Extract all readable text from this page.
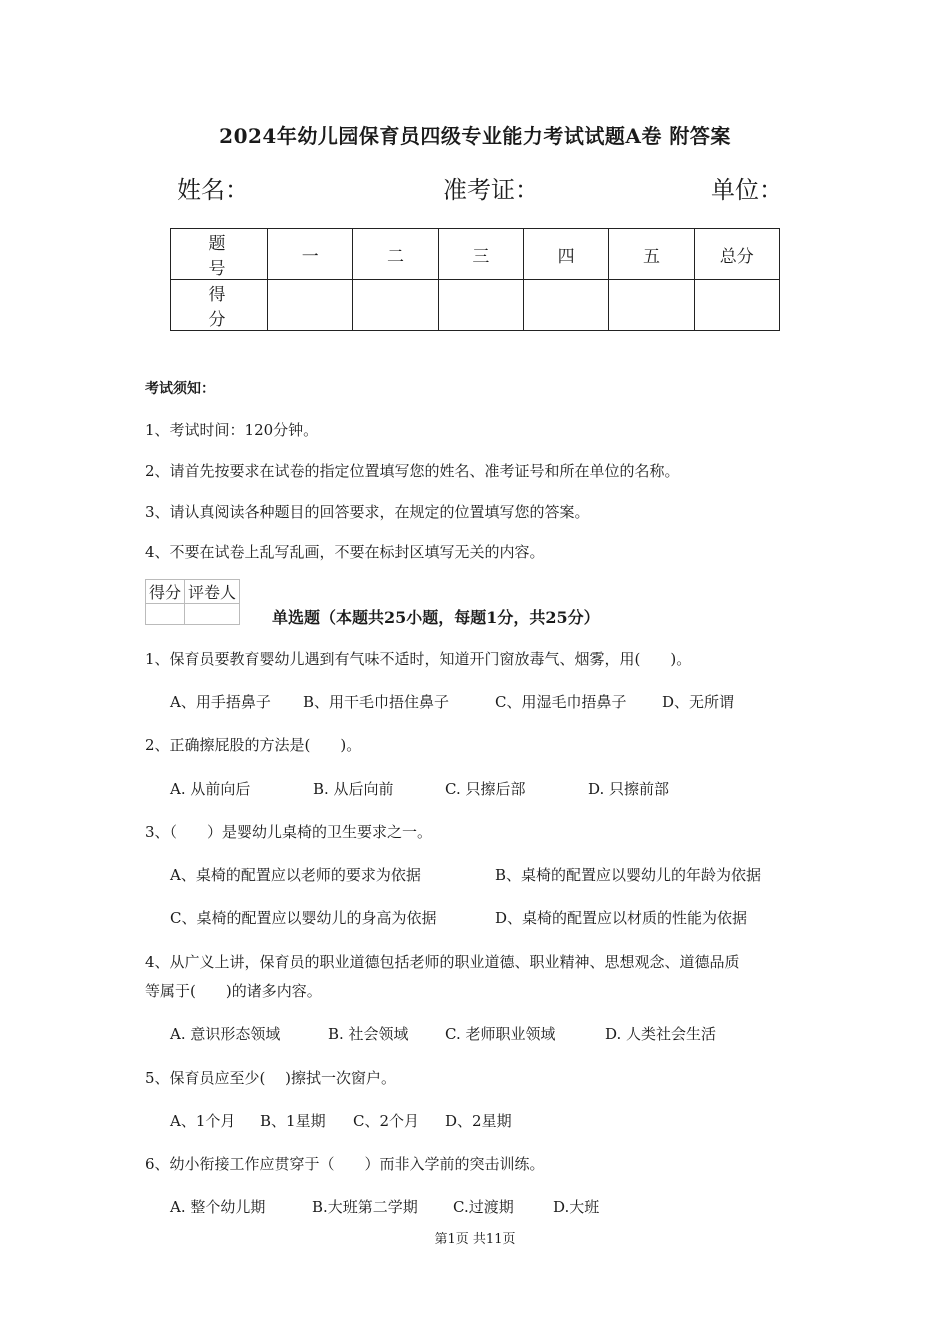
2024年幼儿园保育员四级专业能力考试试题A卷 附答案
姓名：	准考证：	单位：
题　号	一	二	三	四	五	总分
得　分						
考试须知：
1、考试时间：120分钟。
2、请首先按要求在试卷的指定位置填写您的姓名、准考证号和所在单位的名称。
3、请认真阅读各种题目的回答要求，在规定的位置填写您的答案。
4、不要在试卷上乱写乱画，不要在标封区填写无关的内容。
得分	评卷人

单选题（本题共25小题，每题1分，共25分）
1、保育员要教育婴幼儿遇到有气味不适时，知道开门窗放毒气、烟雾，用(　　)。
A、用手捂鼻子 B、用干毛巾捂住鼻子	C、用湿毛巾捂鼻子 D、无所谓
2、正确擦屁股的方法是(　　)。
A. 从前向后	B. 从后向前	C. 只擦后部	D. 只擦前部
3、（　　）是婴幼儿桌椅的卫生要求之一。
A、桌椅的配置应以老师的要求为依据	B、桌椅的配置应以婴幼儿的年龄为依据
C、桌椅的配置应以婴幼儿的身高为依据	D、桌椅的配置应以材质的性能为依据
4、从广义上讲，保育员的职业道德包括老师的职业道德、职业精神、思想观念、道德品质
等属于(　　)的诸多内容。
A. 意识形态领域	B. 社会领域 C. 老师职业领域	D. 人类社会生活
5、保育员应至少(　 )擦拭一次窗户。
A、1个月 B、1星期 C、2个月 D、2星期
6、幼小衔接工作应贯穿于（　　）而非入学前的突击训练。
A. 整个幼儿期	B.大班第二学期 C.过渡期	D.大班
第1页 共11页
